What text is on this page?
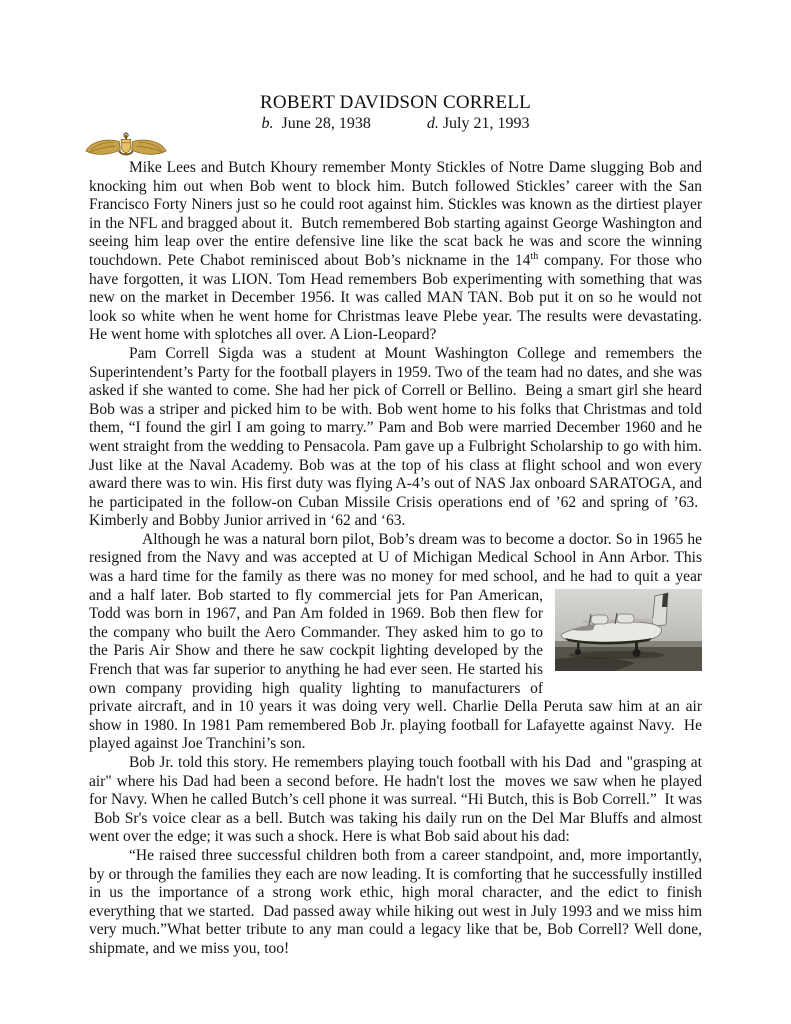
ROBERT DAVIDSON CORRELL
b. June 28, 1938	d. July 21, 1993

Mike Lees and Butch Khoury remember Monty Stickles of Notre Dame slugging Bob and knocking him out when Bob went to block him. Butch followed Stickles’ career with the San Francisco Forty Niners just so he could root against him. Stickles was known as the dirtiest player in the NFL and bragged about it.  Butch remembered Bob starting against George Washington and seeing him leap over the entire defensive line like the scat back he was and score the winning touchdown. Pete Chabot reminisced about Bob’s nickname in the 14th company. For those who have forgotten, it was LION. Tom Head remembers Bob experimenting with something that was new on the market in December 1956. It was called MAN TAN. Bob put it on so he would not look so white when he went home for Christmas leave Plebe year. The results were devastating. He went home with splotches all over. A Lion-Leopard?

Pam Correll Sigda was a student at Mount Washington College and remembers the Superintendent’s Party for the football players in 1959. Two of the team had no dates, and she was asked if she wanted to come. She had her pick of Correll or Bellino.  Being a smart girl she heard Bob was a striper and picked him to be with. Bob went home to his folks that Christmas and told them, “I found the girl I am going to marry.” Pam and Bob were married December 1960 and he went straight from the wedding to Pensacola. Pam gave up a Fulbright Scholarship to go with him. Just like at the Naval Academy. Bob was at the top of his class at flight school and won every award there was to win. His first duty was flying A-4’s out of NAS Jax onboard SARATOGA, and he participated in the follow-on Cuban Missile Crisis operations end of ’62 and spring of ’63.  Kimberly and Bobby Junior arrived in ‘62 and ‘63.

Although he was a natural born pilot, Bob’s dream was to become a doctor. So in 1965 he resigned from the Navy and was accepted at U of Michigan Medical School in Ann Arbor. This was a hard time for the family as there was no money for med school, and he had to quit a
year and a half later. Bob started to fly commercial jets for Pan American, Todd was born in 1967, and Pan Am folded in 1969. Bob then flew for the company who built the Aero Commander. They asked him to go to the Paris Air Show and there he saw cockpit lighting developed by the French that was far superior to anything he had ever seen. He started his own company providing high quality lighting to manufacturers of private aircraft, and in 10 years it was doing very well. Charlie Della Peruta saw him at an air show in 1980. In 1981 Pam remembered Bob Jr. playing football for Lafayette against Navy.  He played against Joe Tranchini’s son.

Bob Jr. told this story. He remembers playing touch football with his Dad  and "grasping at air" where his Dad had been a second before. He hadn't lost the  moves we saw when he played for Navy. When he called Butch’s cell phone it was surreal. “Hi Butch, this is Bob Correll.”  It was  Bob Sr's voice clear as a bell. Butch was taking his daily run on the Del Mar Bluffs and almost went over the edge; it was such a shock. Here is what Bob said about his dad:

“He raised three successful children both from a career standpoint, and, more importantly, by or through the families they each are now leading. It is comforting that he successfully instilled in us the importance of a strong work ethic, high moral character, and the edict to finish everything that we started.  Dad passed away while hiking out west in July 1993 and we miss him very much.”What better tribute to any man could a legacy like that be, Bob Correll? Well done, shipmate, and we miss you, too!
